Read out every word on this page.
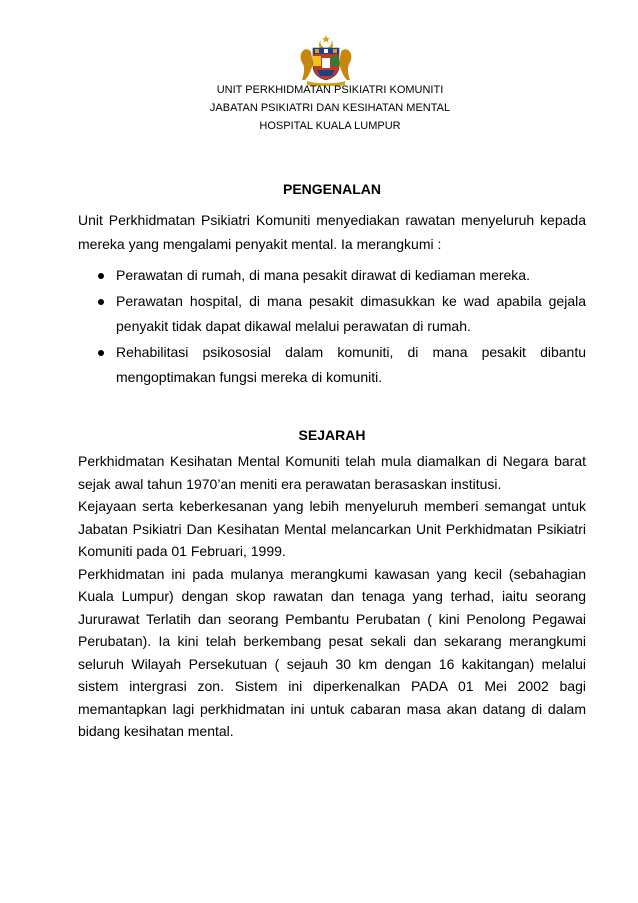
UNIT PERKHIDMATAN PSIKIATRI KOMUNITI
JABATAN PSIKIATRI DAN KESIHATAN MENTAL
HOSPITAL KUALA LUMPUR
PENGENALAN

Unit Perkhidmatan Psikiatri Komuniti menyediakan rawatan menyeluruh kepada mereka yang mengalami penyakit mental. Ia merangkumi :

Perawatan di rumah, di mana pesakit dirawat di kediaman mereka.
Perawatan hospital, di mana pesakit dimasukkan ke wad apabila gejala penyakit tidak dapat dikawal melalui perawatan di rumah.
Rehabilitasi psikososial dalam komuniti, di mana pesakit dibantu mengoptimakan fungsi mereka di komuniti.
SEJARAH

Perkhidmatan Kesihatan Mental Komuniti telah mula diamalkan di Negara barat sejak awal tahun 1970’an meniti era perawatan berasaskan institusi.

Kejayaan serta keberkesanan yang lebih menyeluruh memberi semangat untuk Jabatan Psikiatri Dan Kesihatan Mental melancarkan Unit Perkhidmatan Psikiatri Komuniti pada 01 Februari, 1999.

Perkhidmatan ini pada mulanya merangkumi kawasan yang kecil (sebahagian Kuala Lumpur) dengan skop rawatan dan tenaga yang terhad, iaitu seorang Jururawat Terlatih dan seorang Pembantu Perubatan ( kini Penolong Pegawai Perubatan). Ia kini telah berkembang pesat sekali dan sekarang merangkumi seluruh Wilayah Persekutuan ( sejauh 30 km dengan 16 kakitangan) melalui sistem intergrasi zon. Sistem ini diperkenalkan PADA 01 Mei 2002 bagi memantapkan lagi perkhidmatan ini untuk cabaran masa akan datang di dalam bidang kesihatan mental.
